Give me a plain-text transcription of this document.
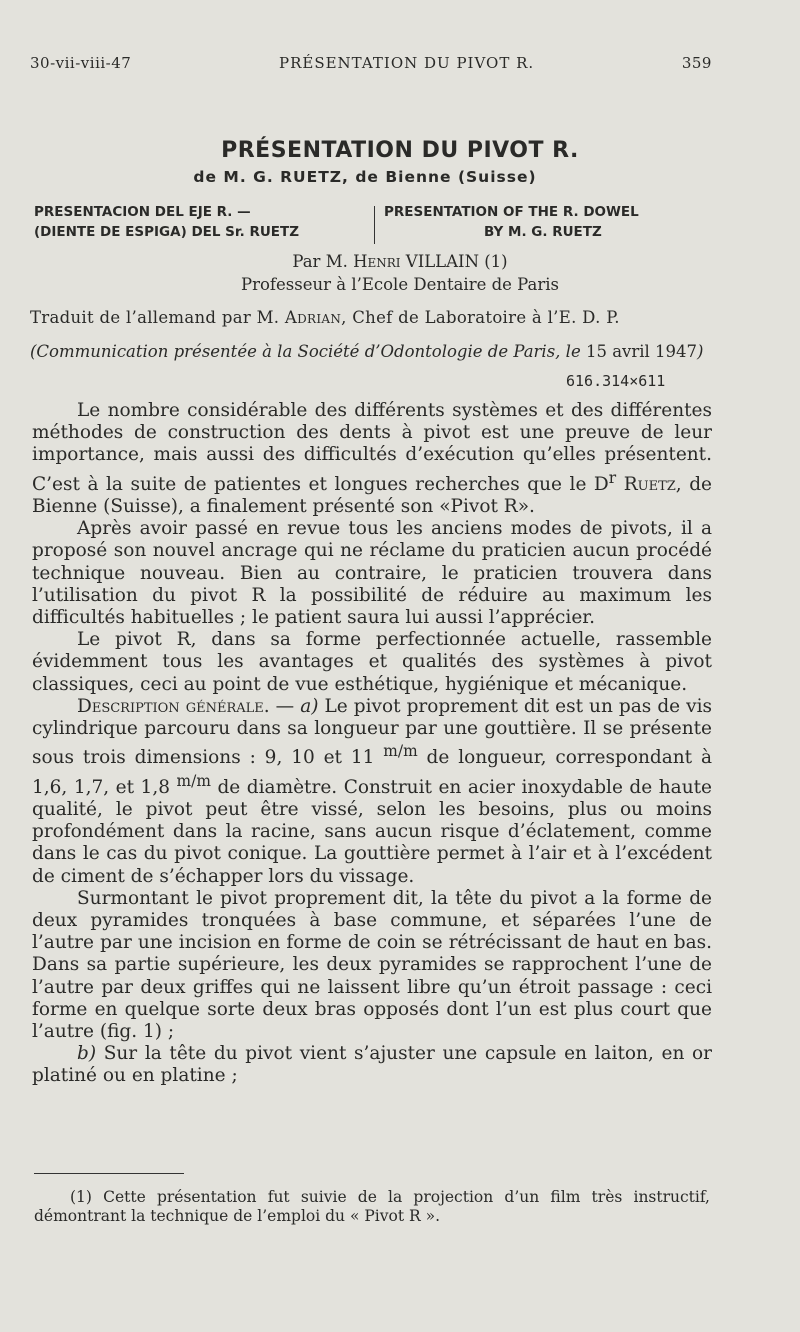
30-vii-viii-47	PRÉSENTATION DU PIVOT R.	359
PRÉSENTATION DU PIVOT R.
de M. G. RUETZ, de Bienne (Suisse)
PRESENTACION DEL EJE R. —
(DIENTE DE ESPIGA) DEL Sr. RUETZ
PRESENTATION OF THE R. DOWEL
BY M. G. RUETZ
Par M. Henri VILLAIN (1)
Professeur à l’Ecole Dentaire de Paris
Traduit de l’allemand par M. Adrian, Chef de Laboratoire à l’E. D. P.
(Communication présentée à la Société d’Odontologie de Paris, le 15 avril 1947)
616.314×611

Le nombre considérable des différents systèmes et des différentes méthodes de construction des dents à pivot est une preuve de leur importance, mais aussi des difficultés d’exécution qu’elles présentent. C’est à la suite de patientes et longues recherches que le $D^r$ Ruetz, de Bienne (Suisse), a finalement présenté son «Pivot R».

Après avoir passé en revue tous les anciens modes de pivots, il a proposé son nouvel ancrage qui ne réclame du praticien aucun procédé technique nouveau. Bien au contraire, le praticien trouvera dans l’utilisation du pivot R la possibilité de réduire au maximum les difficultés habituelles ; le patient saura lui aussi l’apprécier.

Le pivot R, dans sa forme perfectionnée actuelle, rassemble évidemment tous les avantages et qualités des systèmes à pivot classiques, ceci au point de vue esthétique, hygiénique et mécanique.

Description générale. — a) Le pivot proprement dit est un pas de vis cylindrique parcouru dans sa longueur par une gouttière. Il se présente sous trois dimensions : 9, 10 et 11 $^{m/m}$ de longueur, correspondant à 1,6, 1,7, et 1,8 $^{m/m}$ de diamètre. Construit en acier inoxydable de haute qualité, le pivot peut être vissé, selon les besoins, plus ou moins profondément dans la racine, sans aucun risque d’éclatement, comme dans le cas du pivot conique. La gouttière permet à l’air et à l’excédent de ciment de s’échapper lors du vissage.

Surmontant le pivot proprement dit, la tête du pivot a la forme de deux pyramides tronquées à base commune, et séparées l’une de l’autre par une incision en forme de coin se rétrécissant de haut en bas. Dans sa partie supérieure, les deux pyramides se rapprochent l’une de l’autre par deux griffes qui ne laissent libre qu’un étroit passage : ceci forme en quelque sorte deux bras opposés dont l’un est plus court que l’autre (fig. 1) ;

b) Sur la tête du pivot vient s’ajuster une capsule en laiton, en or platiné ou en platine ;

(1) Cette présentation fut suivie de la projection d’un film très instructif, démontrant la technique de l’emploi du « Pivot R ».
